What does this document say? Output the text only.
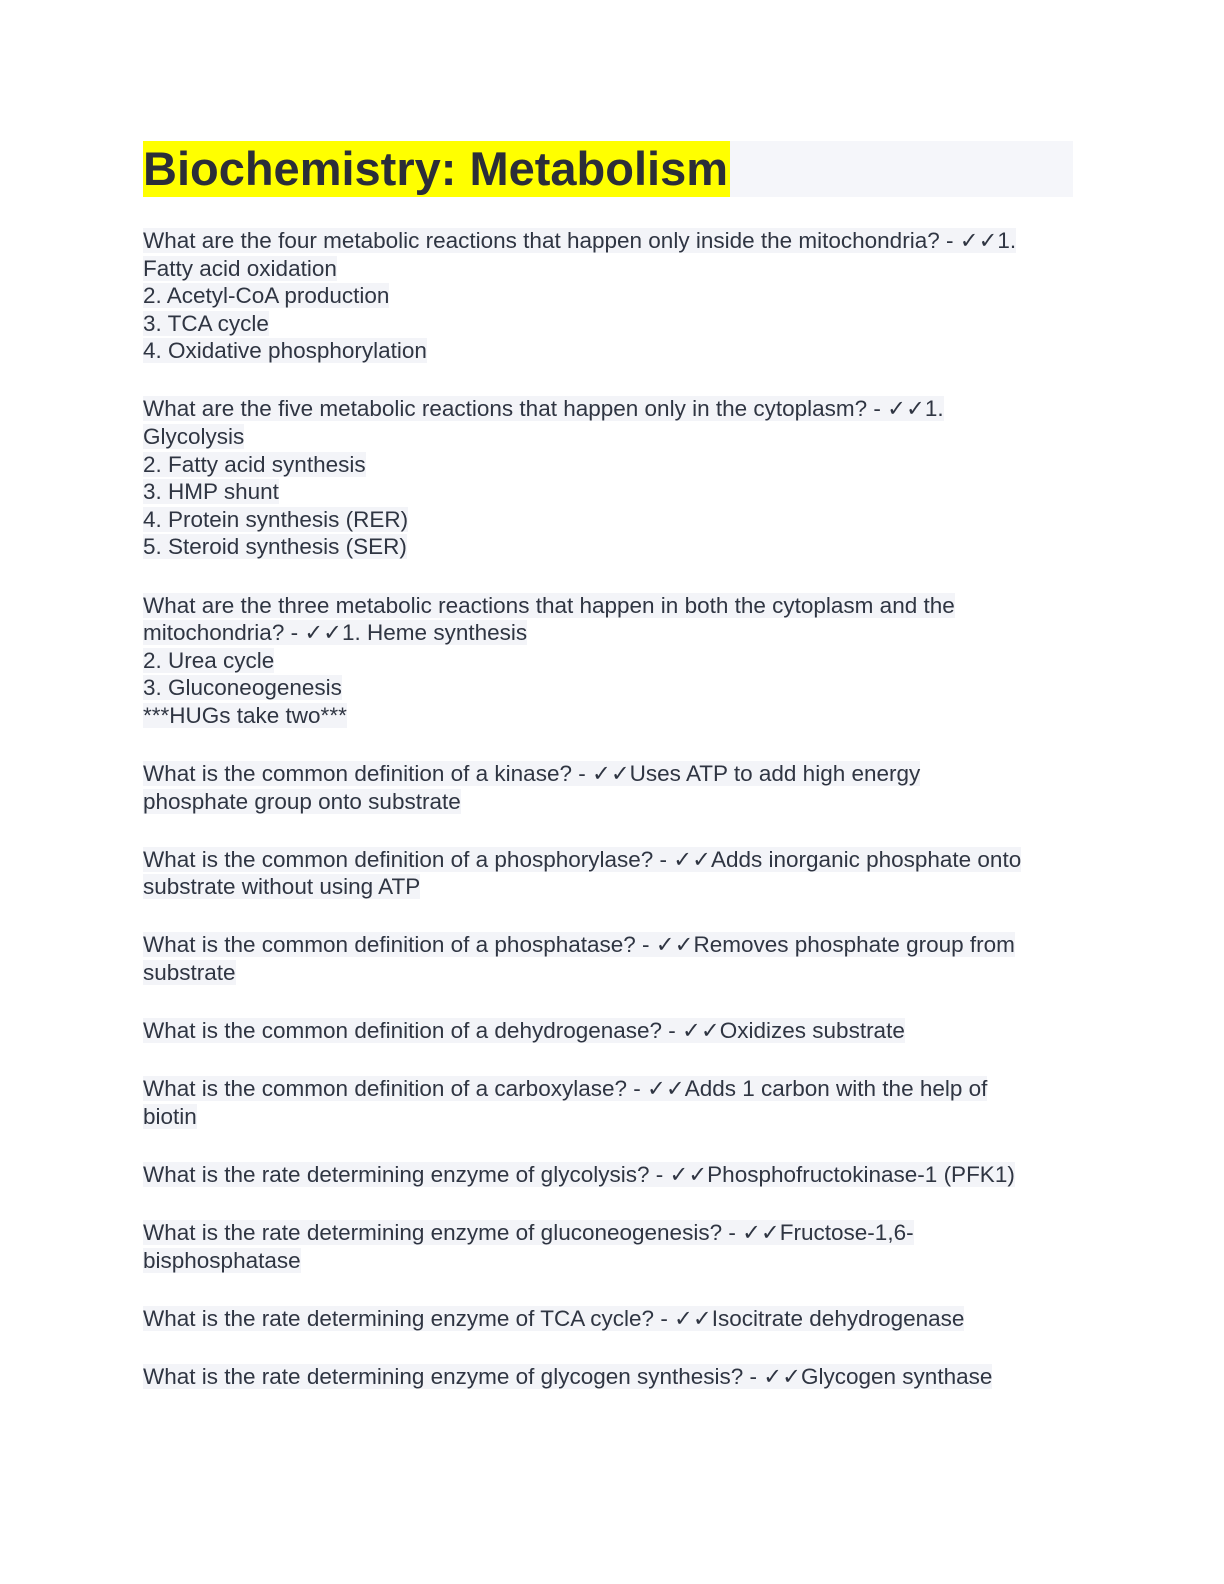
Biochemistry: Metabolism
What are the four metabolic reactions that happen only inside the mitochondria? - ✓✓1.
Fatty acid oxidation
2. Acetyl-CoA production
3. TCA cycle
4. Oxidative phosphorylation
What are the five metabolic reactions that happen only in the cytoplasm? - ✓✓1.
Glycolysis
2. Fatty acid synthesis
3. HMP shunt
4. Protein synthesis (RER)
5. Steroid synthesis (SER)
What are the three metabolic reactions that happen in both the cytoplasm and the
mitochondria? - ✓✓1. Heme synthesis
2. Urea cycle
3. Gluconeogenesis
***HUGs take two***
What is the common definition of a kinase? - ✓✓Uses ATP to add high energy
phosphate group onto substrate
What is the common definition of a phosphorylase? - ✓✓Adds inorganic phosphate onto
substrate without using ATP
What is the common definition of a phosphatase? - ✓✓Removes phosphate group from
substrate
What is the common definition of a dehydrogenase? - ✓✓Oxidizes substrate
What is the common definition of a carboxylase? - ✓✓Adds 1 carbon with the help of
biotin
What is the rate determining enzyme of glycolysis? - ✓✓Phosphofructokinase-1 (PFK1)
What is the rate determining enzyme of gluconeogenesis? - ✓✓Fructose-1,6-
bisphosphatase
What is the rate determining enzyme of TCA cycle? - ✓✓Isocitrate dehydrogenase
What is the rate determining enzyme of glycogen synthesis? - ✓✓Glycogen synthase
